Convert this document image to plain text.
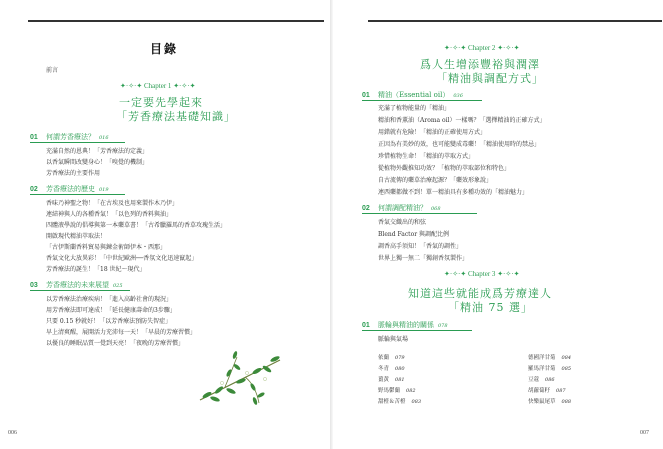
目錄
前言
✦·✧·✦ Chapter 1 ✦·✧·✦
一定要先學起來
「芳香療法基礎知識」
01 何謂芳香療法？ 016
充滿自然的恩典！「芳香療法的定義」
以香氣瞬間改變身心！「嗅覺的機制」
芳香療法的主要作用
02 芳香療法的歷史 019
香味乃神聖之物！「在古埃及也用來製作木乃伊」
連結神與人的各種香氣！「以色列的香料與油」
四體液學說的倡導與第一本藥草書！「古希臘羅馬的香草攻瑰生活」
開啟現代精油萃取法！
「古伊斯蘭香料貿易與鍊金術師伊本・西那」
香氣文化大放異彩！「中世紀歐洲──香氛文化迅速竄起」
芳香療法的誕生！「18 世紀〜現代」
03 芳香療法的未來展望 025
以芳香療法治療疾病！「進入高齡社會的現況」
用芳香療法即可達成！「延長健康壽命的3步驟」
只要 0.15 秒就好！「以芳香療法預防失智症」
早上清爽醒，展開活力充沛每一天！「早晨的芳療習慣」
以優良的睡眠品質一覺到天亮！「夜晚的芳療習慣」
006
✦·✧·✦ Chapter 2 ✦·✧·✦
爲人生增添豐裕與潤澤
「精油與調配方式」
01 精油（Essential oil） 036
充滿了植物能量的「精油」
精油和香薰油（Aroma oil）一樣嗎？「選擇精油的正確方式」
用錯就有危險！「精油的正確使用方式」
正因為有美妙的效，也可能變成毒藥！「精油使用時的禁忌」
珍惜植物生命！「精油的萃取方式」
從植物外觀推知功效？「植物的萃取部位和特色」
自古流傳的藥草治療起源？「藥效形象說」
連西藥都做不到！單一精油具有多種功效的「精油魅力」
02 何謂調配精油？ 068
香氣交織出的和弦
Blend Factor 與調配比例
調香高手須知！「香氣的調性」
世界上獨一無二「獨創香氛製作」
✦·✧·✦ Chapter 3 ✦·✧·✦
知道這些就能成爲芳療達人
「精油 75 選」
01 脈輪與精油的關係 078
脈輪與氣場
依蘭 079
冬青 080
薑黃 081
野馬鬱蘭 082
甜橙＆苦橙 083
德國洋甘菊 084
羅馬洋甘菊 085
豆蔻 086
胡蘿蔔籽 087
快樂鼠尾草 088
007
